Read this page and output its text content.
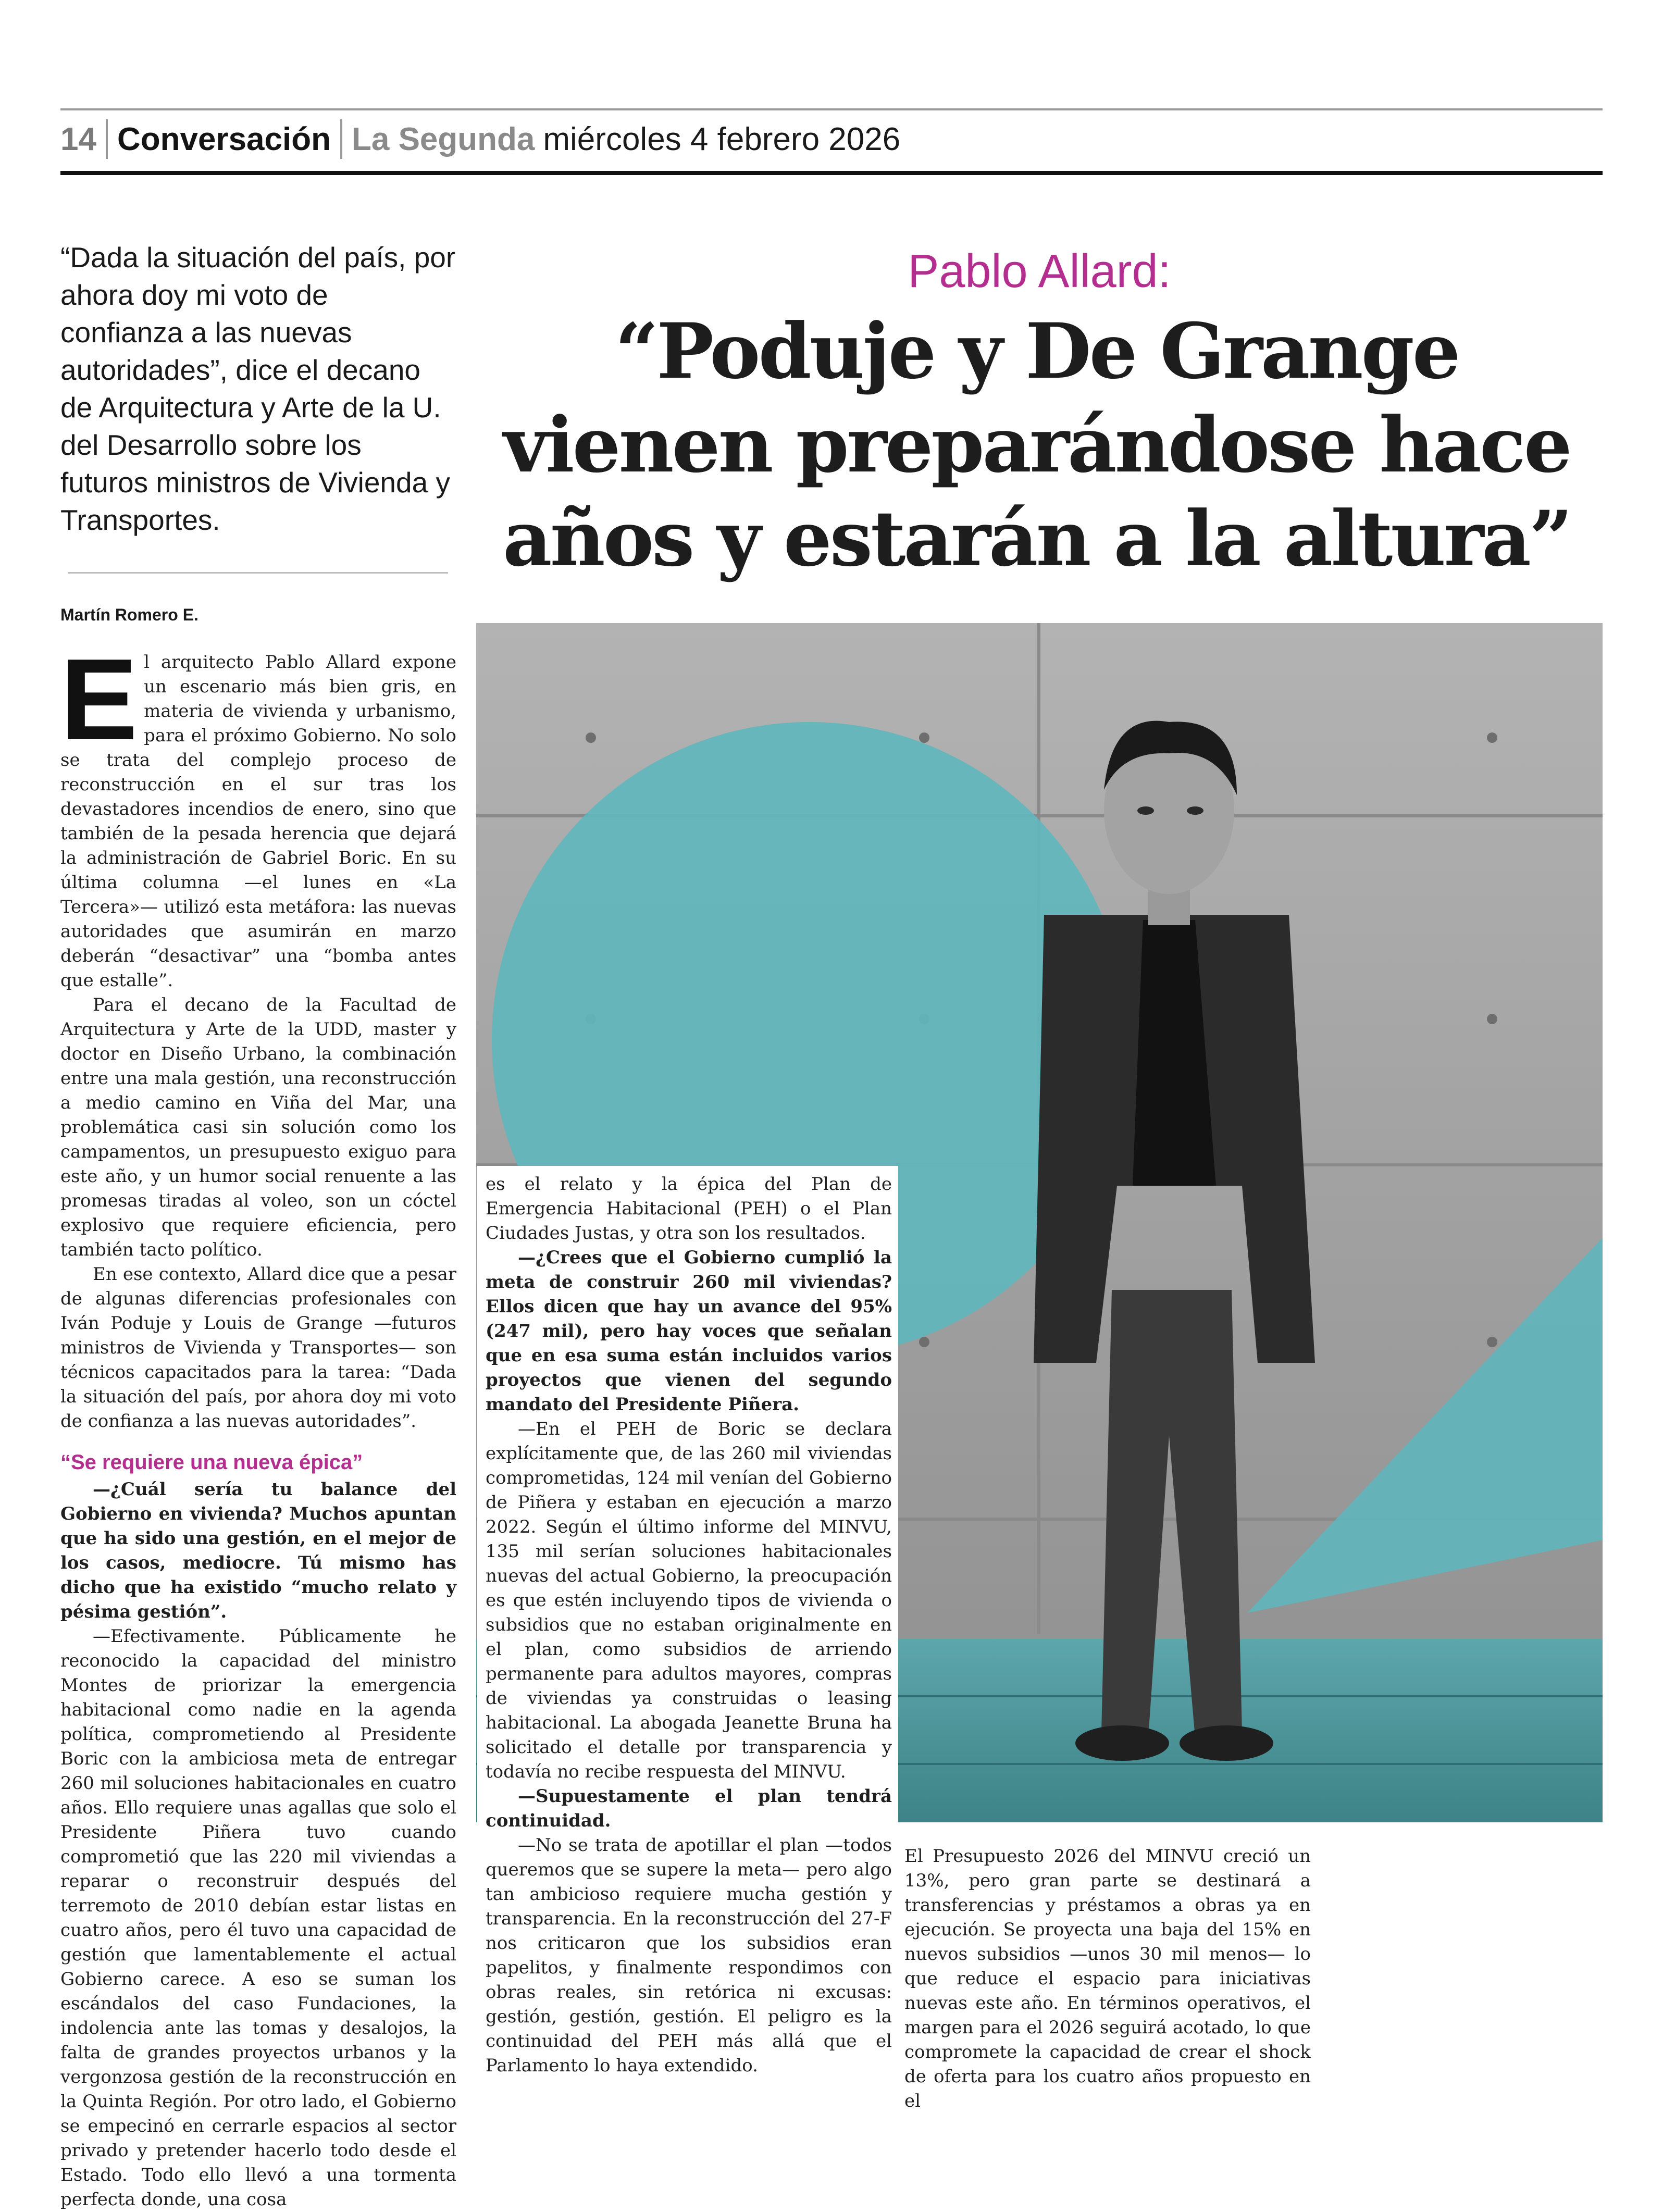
14 Conversación La Segunda miércoles 4 febrero 2026
“Dada la situación del país, por ahora doy mi voto de confianza a las nuevas autoridades”, dice el decano de Arquitectura y Arte de la U. del Desarrollo sobre los futuros ministros de Vivienda y Transportes.
Martín Romero E.
Pablo Allard:
“Poduje y De Grange vienen preparándose hace años y estarán a la altura”

El arquitecto Pablo Allard expone un escenario más bien gris, en materia de vivienda y urbanismo, para el próximo Gobierno. No solo se trata del complejo proceso de reconstrucción en el sur tras los devastadores incendios de enero, sino que también de la pesada herencia que dejará la administración de Gabriel Boric. En su última columna —el lunes en «La Tercera»— utilizó esta metáfora: las nuevas autoridades que asumirán en marzo deberán “desactivar” una “bomba antes que estalle”.

Para el decano de la Facultad de Arquitectura y Arte de la UDD, master y doctor en Diseño Urbano, la combinación entre una mala gestión, una reconstrucción a medio camino en Viña del Mar, una problemática casi sin solución como los campamentos, un presupuesto exiguo para este año, y un humor social renuente a las promesas tiradas al voleo, son un cóctel explosivo que requiere eficiencia, pero también tacto político.

En ese contexto, Allard dice que a pesar de algunas diferencias profesionales con Iván Poduje y Louis de Grange —futuros ministros de Vivienda y Transportes— son técnicos capacitados para la tarea: “Dada la situación del país, por ahora doy mi voto de confianza a las nuevas autoridades”.

“Se requiere una nueva épica”

—¿Cuál sería tu balance del Gobierno en vivienda? Muchos apuntan que ha sido una gestión, en el mejor de los casos, mediocre. Tú mismo has dicho que ha existido “mucho relato y pésima gestión”.

—Efectivamente. Públicamente he reconocido la capacidad del ministro Montes de priorizar la emergencia habitacional como nadie en la agenda política, comprometiendo al Presidente Boric con la ambiciosa meta de entregar 260 mil soluciones habitacionales en cuatro años. Ello requiere unas agallas que solo el Presidente Piñera tuvo cuando comprometió que las 220 mil viviendas a reparar o reconstruir después del terremoto de 2010 debían estar listas en cuatro años, pero él tuvo una capacidad de gestión que lamentablemente el actual Gobierno carece. A eso se suman los escándalos del caso Fundaciones, la indolencia ante las tomas y desalojos, la falta de grandes proyectos urbanos y la vergonzosa gestión de la reconstrucción en la Quinta Región. Por otro lado, el Gobierno se empecinó en cerrarle espacios al sector privado y pretender hacerlo todo desde el Estado. Todo ello llevó a una tormenta perfecta donde, una cosa

es el relato y la épica del Plan de Emergencia Habitacional (PEH) o el Plan Ciudades Justas, y otra son los resultados.

—¿Crees que el Gobierno cumplió la meta de construir 260 mil viviendas? Ellos dicen que hay un avance del 95% (247 mil), pero hay voces que señalan que en esa suma están incluidos varios proyectos que vienen del segundo mandato del Presidente Piñera.

—En el PEH de Boric se declara explícitamente que, de las 260 mil viviendas comprometidas, 124 mil venían del Gobierno de Piñera y estaban en ejecución a marzo 2022. Según el último informe del MINVU, 135 mil serían soluciones habitacionales nuevas del actual Gobierno, la preocupación es que estén incluyendo tipos de vivienda o subsidios que no estaban originalmente en el plan, como subsidios de arriendo permanente para adultos mayores, compras de viviendas ya construidas o leasing habitacional. La abogada Jeanette Bruna ha solicitado el detalle por transparencia y todavía no recibe respuesta del MINVU.

—Supuestamente el plan tendrá continuidad.

—No se trata de apotillar el plan —todos queremos que se supere la meta— pero algo tan ambicioso requiere mucha gestión y transparencia. En la reconstrucción del 27-F nos criticaron que los subsidios eran papelitos, y finalmente respondimos con obras reales, sin retórica ni excusas: gestión, gestión, gestión. El peligro es la continuidad del PEH más allá que el Parlamento lo haya extendido.

El Presupuesto 2026 del MINVU creció un 13%, pero gran parte se destinará a transferencias y préstamos a obras ya en ejecución. Se proyecta una baja del 15% en nuevos subsidios —unos 30 mil menos— lo que reduce el espacio para iniciativas nuevas este año. En términos operativos, el margen para el 2026 seguirá acotado, lo que compromete la capacidad de crear el shock de oferta para los cuatro años propuesto en el
